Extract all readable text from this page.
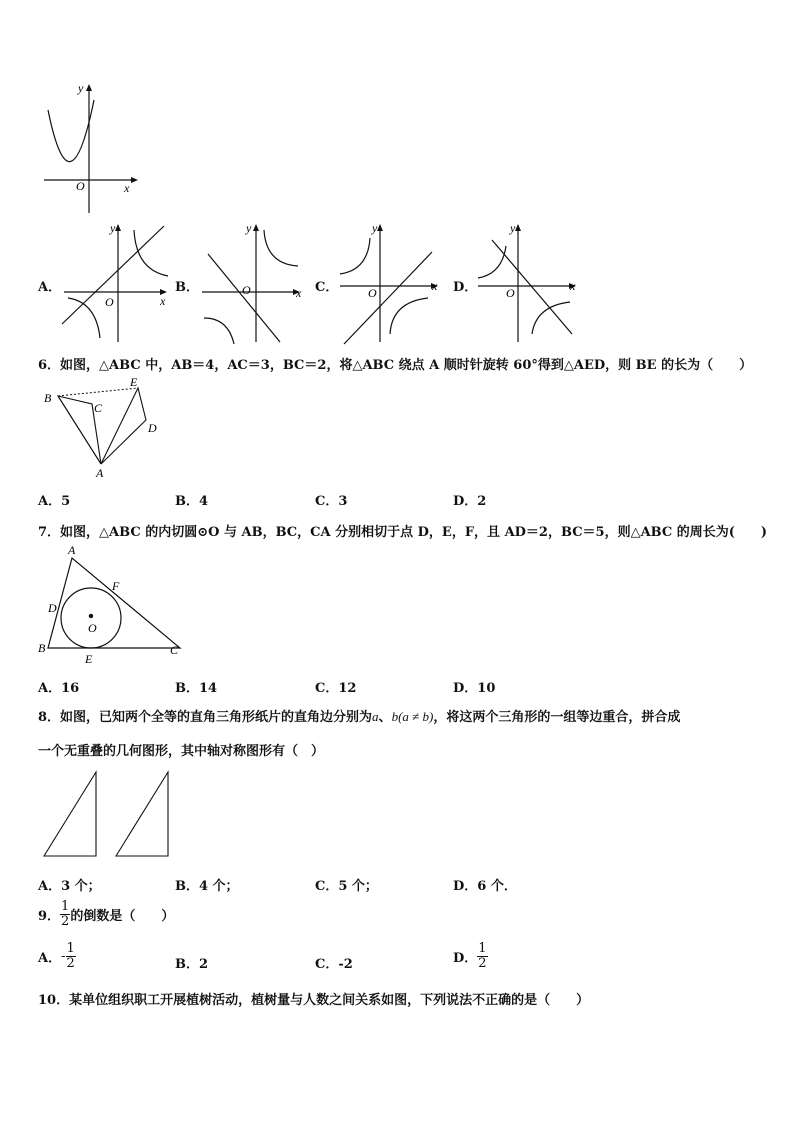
y
x
O
A．
y
x
O
B．
y
x
O	C．
y
x
O	D．
y
x
O
6．如图，△ABC 中，AB＝4，AC＝3，BC＝2，将△ABC 绕点 A 顺时针旋转 60°得到△AED，则 BE 的长为（　　）
B
C
E
D
A
A．5	B．4	C．3	D．2
7．如图，△ABC 的内切圆⊙O 与 AB，BC，CA 分别相切于点 D，E，F，且 AD＝2，BC＝5，则△ABC 的周长为(　　)
A
D
F
O
B
E
C
A．16	B．14	C．12	D．10
8．如图，已知两个全等的直角三角形纸片的直角边分别为a、b(a ≠ b)，将这两个三角形的一组等边重合，拼合成
一个无重叠的几何图形，其中轴对称图形有（　）
A．3 个；	B．4 个；	C．5 个；	D．6 个．
9． $\frac{1}{2}$ 的倒数是（　　）
A．- $\frac{1}{2}$	B．2	C．-2	D． $\frac{1}{2}$
10．某单位组织职工开展植树活动，植树量与人数之间关系如图，下列说法不正确的是（　　）
